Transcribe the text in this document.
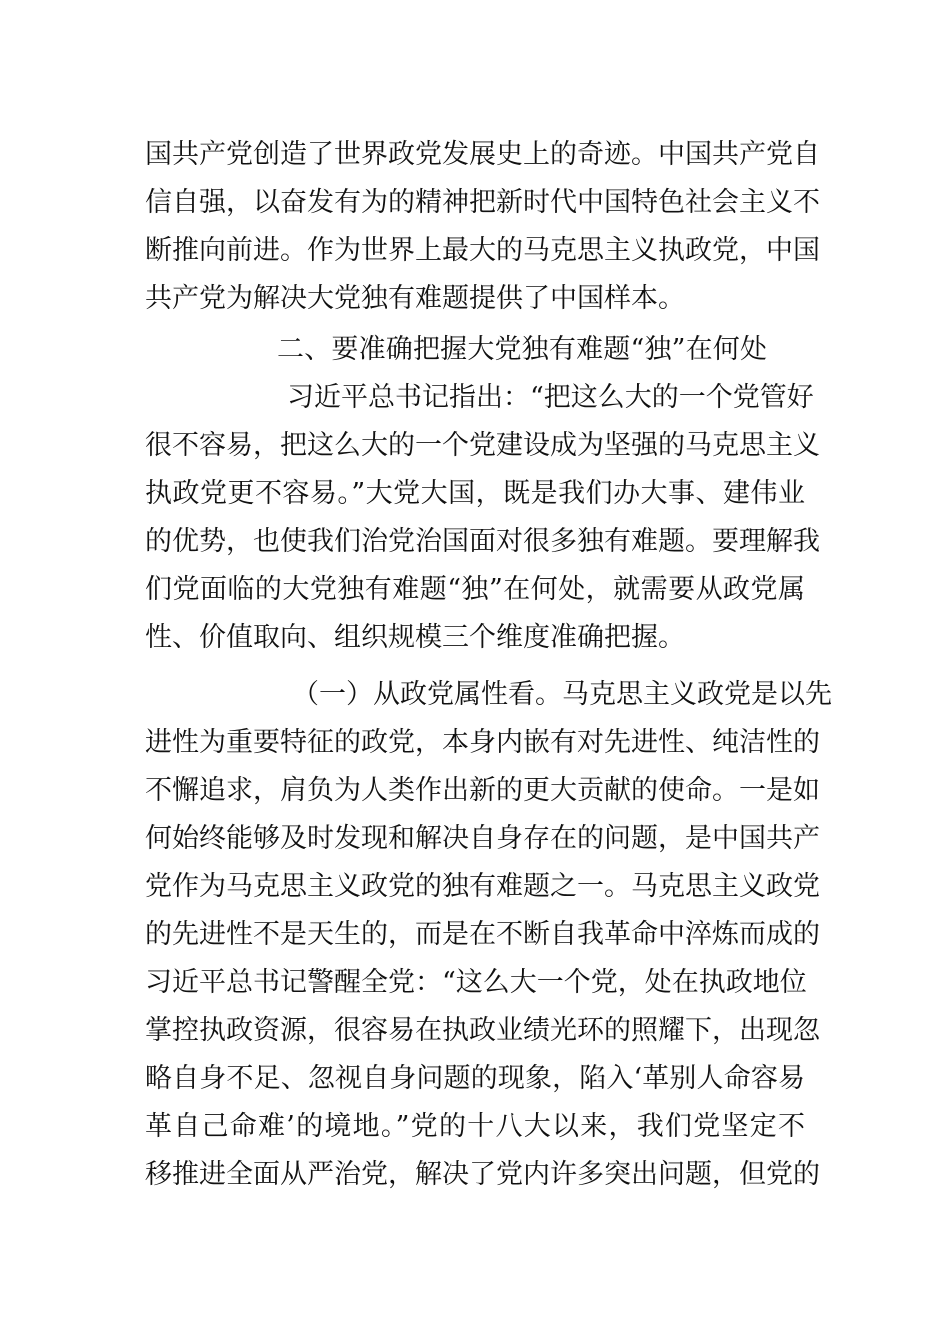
国共产党创造了世界政党发展史上的奇迹。中国共产党自
信自强，以奋发有为的精神把新时代中国特色社会主义不
断推向前进。作为世界上最大的马克思主义执政党，中国
共产党为解决大党独有难题提供了中国样本。
二、要准确把握大党独有难题“独”在何处
习近平总书记指出：“把这么大的一个党管好
很不容易，把这么大的一个党建设成为坚强的马克思主义
执政党更不容易。”大党大国，既是我们办大事、建伟业
的优势，也使我们治党治国面对很多独有难题。要理解我
们党面临的大党独有难题“独”在何处，就需要从政党属
性、价值取向、组织规模三个维度准确把握。
（一）从政党属性看。马克思主义政党是以先
进性为重要特征的政党，本身内嵌有对先进性、纯洁性的
不懈追求，肩负为人类作出新的更大贡献的使命。一是如
何始终能够及时发现和解决自身存在的问题，是中国共产
党作为马克思主义政党的独有难题之一。马克思主义政党
的先进性不是天生的，而是在不断自我革命中淬炼而成的
习近平总书记警醒全党：“这么大一个党，处在执政地位
掌控执政资源，很容易在执政业绩光环的照耀下，出现忽
略自身不足、忽视自身问题的现象，陷入‘革别人命容易
革自己命难’的境地。”党的十八大以来，我们党坚定不
移推进全面从严治党，解决了党内许多突出问题，但党的
